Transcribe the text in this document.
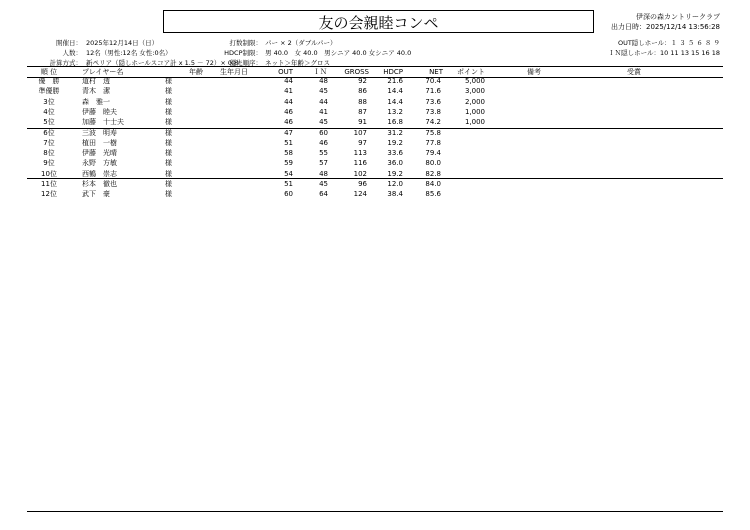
友の会親睦コンペ	伊深の森カントリークラブ
出力日時：2025/12/14 13:56:28
開催日：
人数：
計算方式：
2025年12月14日（日）
12名（男性:12名 女性:0名）
新ペリア（隠しホールスコア計 x 1.5 － 72）× 0.8
打数制限：
HDCP制限：
優先順序：
パー × 2（ダブルパー）
男 40.0　女 40.0　男シニア 40.0 女シニア 40.0
ネット＞年齢＞グロス
OUT隠しホール：１ ３ ５ ６ ８ ９
ＩＮ隠しホール：10 11 13 15 16 18
順 位	プレイヤー名	年齢 生年月日	OUT	ＩＮ	GROSS	HDCP	NET ポイント	備考	受賞
優　勝	道村　透	様	44	48	92	21.6	70.4	5,000
準優勝	青木　潔	様	41	45	86	14.4	71.6	3,000
3位	森　雅一	様	44	44	88	14.4	73.6	2,000
4位	伊藤　睦夫	様	46	41	87	13.2	73.8	1,000
5位	加藤　十士夫	様	46	45	91	16.8	74.2	1,000
6位	三波　明寿	様	47	60	107	31.2	75.8
7位	植田　一樹	様	51	46	97	19.2	77.8
8位	伊藤　光晴	様	58	55	113	33.6	79.4
9位	永野　方敏	様	59	57	116	36.0	80.0
10位	西鶴　崇志	様	54	48	102	19.2	82.8
11位	杉本　徹也	様	51	45	96	12.0	84.0
12位	武下　豪	様	60	64	124	38.4	85.6
